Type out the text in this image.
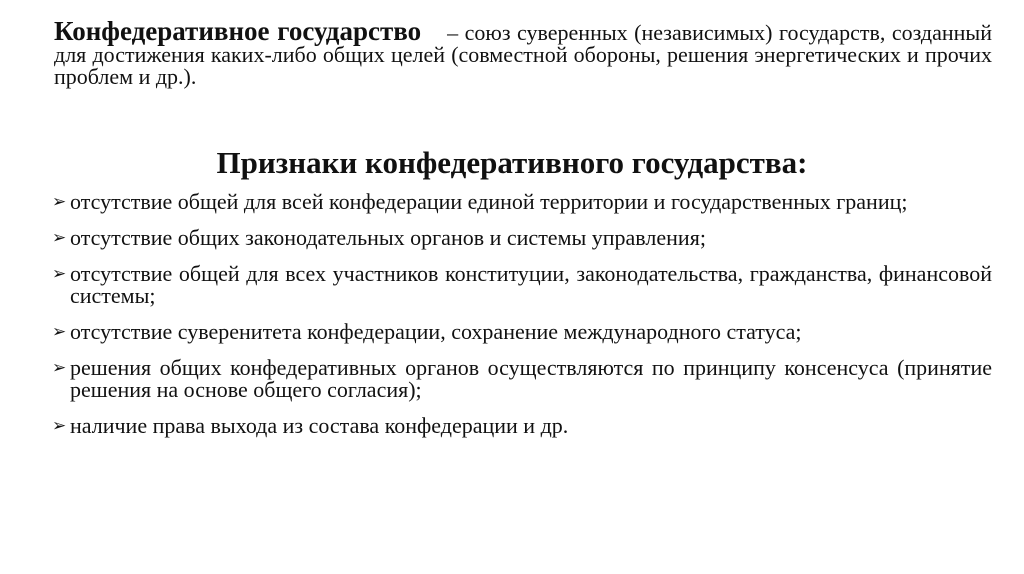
Конфедеративное государство – союз суверенных (независимых) государств, созданный для достижения каких-либо общих целей (совместной обороны, решения энергетических и прочих проблем и др.).

Признаки конфедеративного государства:
➢ отсутствие общей для всей конфедерации единой территории и государственных границ;
➢ отсутствие общих законодательных органов и системы управления;
➢ отсутствие общей для всех участников конституции, законодательства, гражданства, финансовой системы;
➢ отсутствие суверенитета конфедерации, сохранение международного статуса;
➢ решения общих конфедеративных органов осуществляются по принципу консенсуса (принятие решения на основе общего согласия);
➢ наличие права выхода из состава конфедерации и др.
